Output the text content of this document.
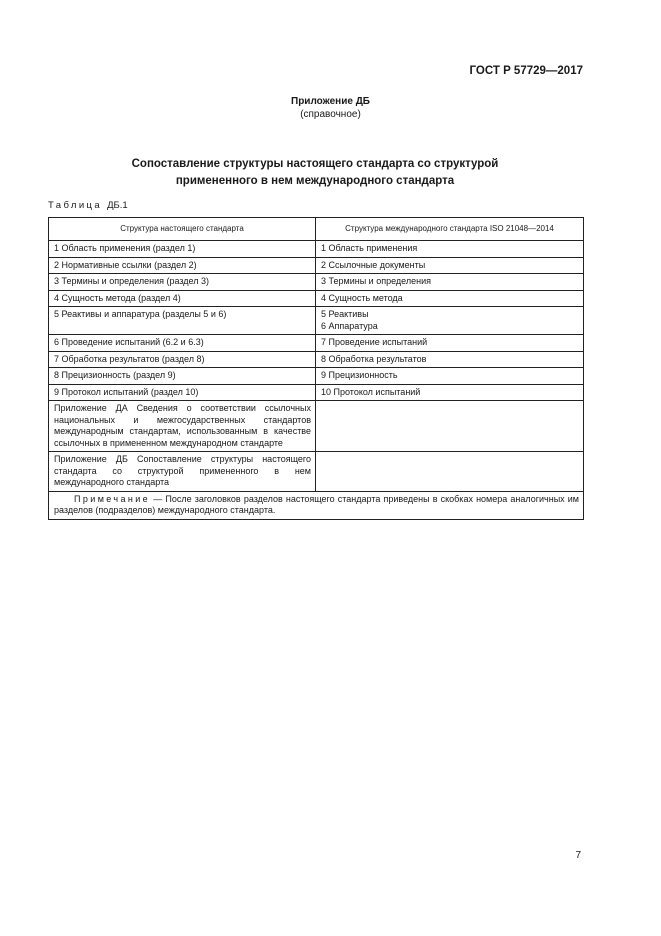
ГОСТ Р 57729—2017
Приложение ДБ
(справочное)
Сопоставление структуры настоящего стандарта со структурой
примененного в нем международного стандарта
Таблица ДБ.1
Структура настоящего стандарта	Структура международного стандарта ISO 21048—2014
1 Область применения (раздел 1)	1 Область применения

2 Нормативные ссылки (раздел 2)	2 Ссылочные документы

3 Термины и определения (раздел 3)	3 Термины и определения

4 Сущность метода (раздел 4)	4 Сущность метода

5 Реактивы и аппаратура (разделы 5 и 6)	5 Реактивы
6 Аппаратура

6 Проведение испытаний (6.2 и 6.3)	7 Проведение испытаний

7 Обработка результатов (раздел 8)	8 Обработка результатов

8 Прецизионность (раздел 9)	9 Прецизионность

9 Протокол испытаний (раздел 10)	10 Протокол испытаний

Приложение ДА Сведения о соответствии ссылочных национальных и межгосударственных стандартов международным стандартам, использованным в качестве ссылочных в примененном международном стандарте	
Приложение ДБ Сопоставление структуры настоящего стандарта со структурой примененного в нем международного стандарта	
Примечание — После заголовков разделов настоящего стандарта приведены в скобках номера аналогичных им разделов (подразделов) международного стандарта.	
7
